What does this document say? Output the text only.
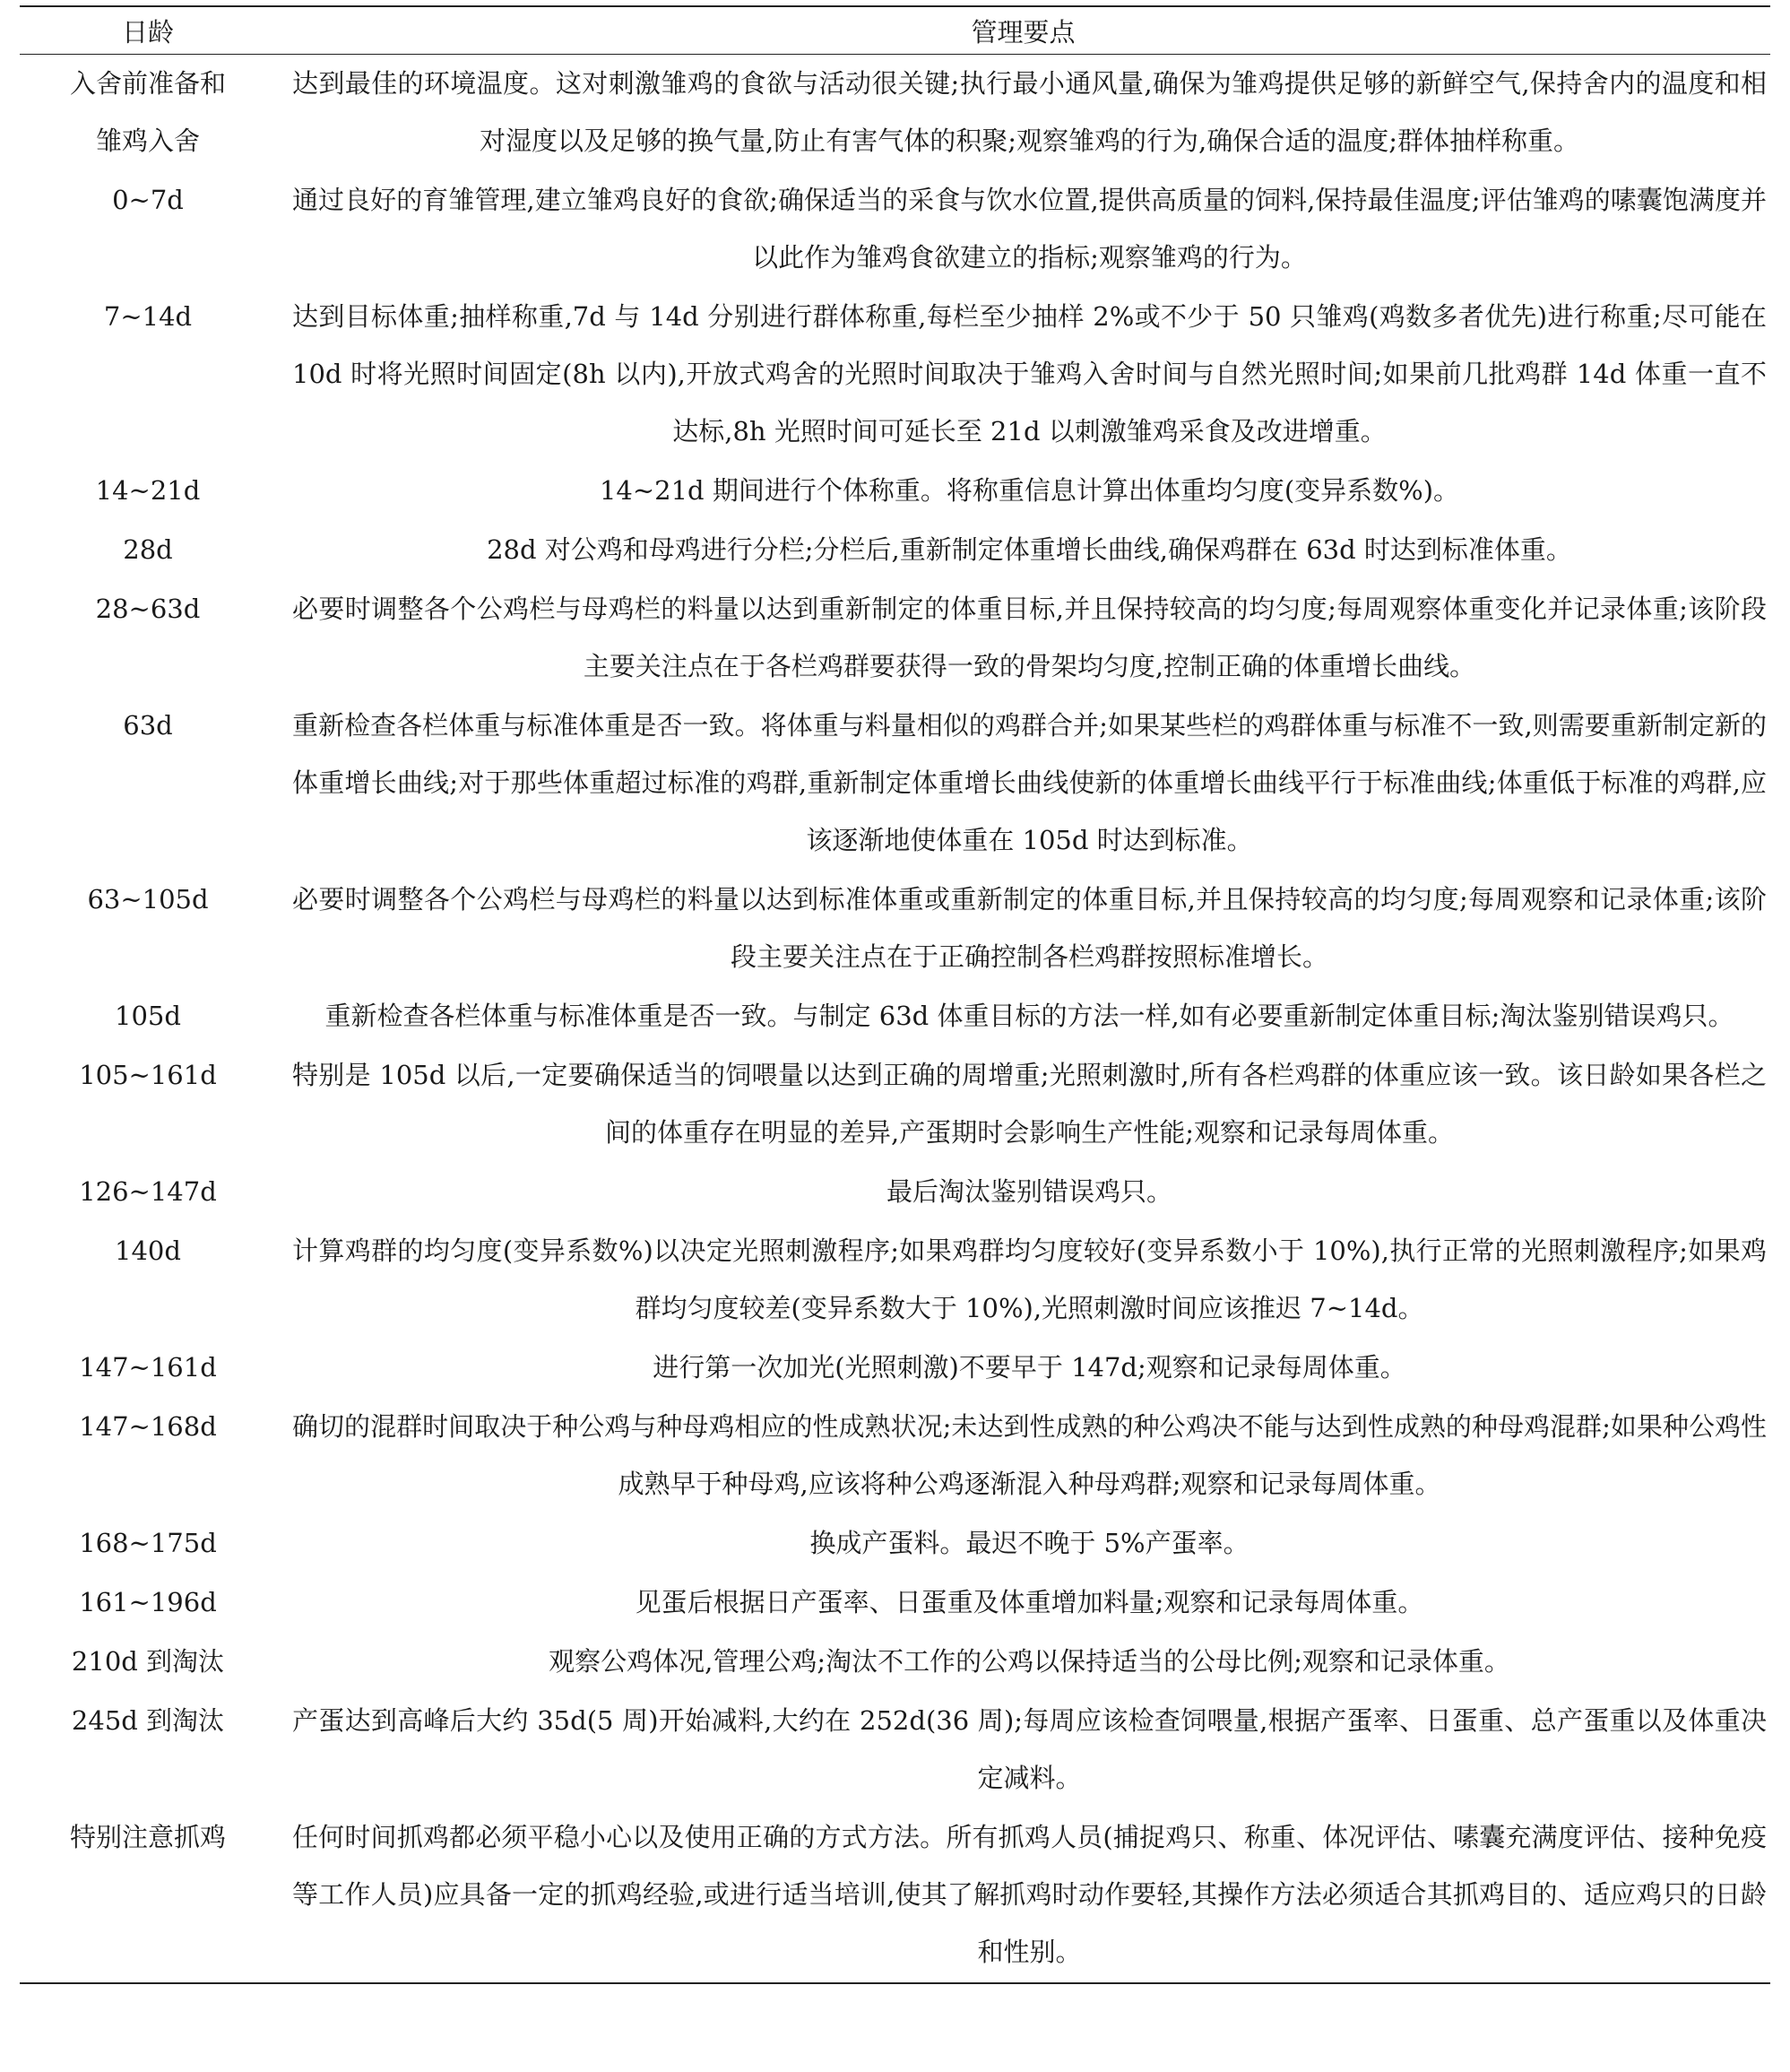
日龄	管理要点
入舍前准备和雏鸡入舍	达到最佳的环境温度。这对刺激雏鸡的食欲与活动很关键;执行最小通风量,确保为雏鸡提供足够的新鲜空气,保持舍内的温度和相对湿度以及足够的换气量,防止有害气体的积聚;观察雏鸡的行为,确保合适的温度;群体抽样称重。
0~7d	通过良好的育雏管理,建立雏鸡良好的食欲;确保适当的采食与饮水位置,提供高质量的饲料,保持最佳温度;评估雏鸡的嗉囊饱满度并以此作为雏鸡食欲建立的指标;观察雏鸡的行为。
7~14d	达到目标体重;抽样称重,7d 与 14d 分别进行群体称重,每栏至少抽样 2%或不少于 50 只雏鸡(鸡数多者优先)进行称重;尽可能在 10d 时将光照时间固定(8h 以内),开放式鸡舍的光照时间取决于雏鸡入舍时间与自然光照时间;如果前几批鸡群 14d 体重一直不达标,8h 光照时间可延长至 21d 以刺激雏鸡采食及改进增重。
14~21d	14~21d 期间进行个体称重。将称重信息计算出体重均匀度(变异系数%)。
28d	28d 对公鸡和母鸡进行分栏;分栏后,重新制定体重增长曲线,确保鸡群在 63d 时达到标准体重。
28~63d	必要时调整各个公鸡栏与母鸡栏的料量以达到重新制定的体重目标,并且保持较高的均匀度;每周观察体重变化并记录体重;该阶段主要关注点在于各栏鸡群要获得一致的骨架均匀度,控制正确的体重增长曲线。
63d	重新检查各栏体重与标准体重是否一致。将体重与料量相似的鸡群合并;如果某些栏的鸡群体重与标准不一致,则需要重新制定新的体重增长曲线;对于那些体重超过标准的鸡群,重新制定体重增长曲线使新的体重增长曲线平行于标准曲线;体重低于标准的鸡群,应该逐渐地使体重在 105d 时达到标准。
63~105d	必要时调整各个公鸡栏与母鸡栏的料量以达到标准体重或重新制定的体重目标,并且保持较高的均匀度;每周观察和记录体重;该阶段主要关注点在于正确控制各栏鸡群按照标准增长。
105d	重新检查各栏体重与标准体重是否一致。与制定 63d 体重目标的方法一样,如有必要重新制定体重目标;淘汰鉴别错误鸡只。
105~161d	特别是 105d 以后,一定要确保适当的饲喂量以达到正确的周增重;光照刺激时,所有各栏鸡群的体重应该一致。该日龄如果各栏之间的体重存在明显的差异,产蛋期时会影响生产性能;观察和记录每周体重。
126~147d	最后淘汰鉴别错误鸡只。
140d	计算鸡群的均匀度(变异系数%)以决定光照刺激程序;如果鸡群均匀度较好(变异系数小于 10%),执行正常的光照刺激程序;如果鸡群均匀度较差(变异系数大于 10%),光照刺激时间应该推迟 7~14d。
147~161d	进行第一次加光(光照刺激)不要早于 147d;观察和记录每周体重。
147~168d	确切的混群时间取决于种公鸡与种母鸡相应的性成熟状况;未达到性成熟的种公鸡决不能与达到性成熟的种母鸡混群;如果种公鸡性成熟早于种母鸡,应该将种公鸡逐渐混入种母鸡群;观察和记录每周体重。
168~175d	换成产蛋料。最迟不晚于 5%产蛋率。
161~196d	见蛋后根据日产蛋率、日蛋重及体重增加料量;观察和记录每周体重。
210d 到淘汰	观察公鸡体况,管理公鸡;淘汰不工作的公鸡以保持适当的公母比例;观察和记录体重。
245d 到淘汰	产蛋达到高峰后大约 35d(5 周)开始减料,大约在 252d(36 周);每周应该检查饲喂量,根据产蛋率、日蛋重、总产蛋重以及体重决定减料。
特别注意抓鸡	任何时间抓鸡都必须平稳小心以及使用正确的方式方法。所有抓鸡人员(捕捉鸡只、称重、体况评估、嗉囊充满度评估、接种免疫等工作人员)应具备一定的抓鸡经验,或进行适当培训,使其了解抓鸡时动作要轻,其操作方法必须适合其抓鸡目的、适应鸡只的日龄和性别。
